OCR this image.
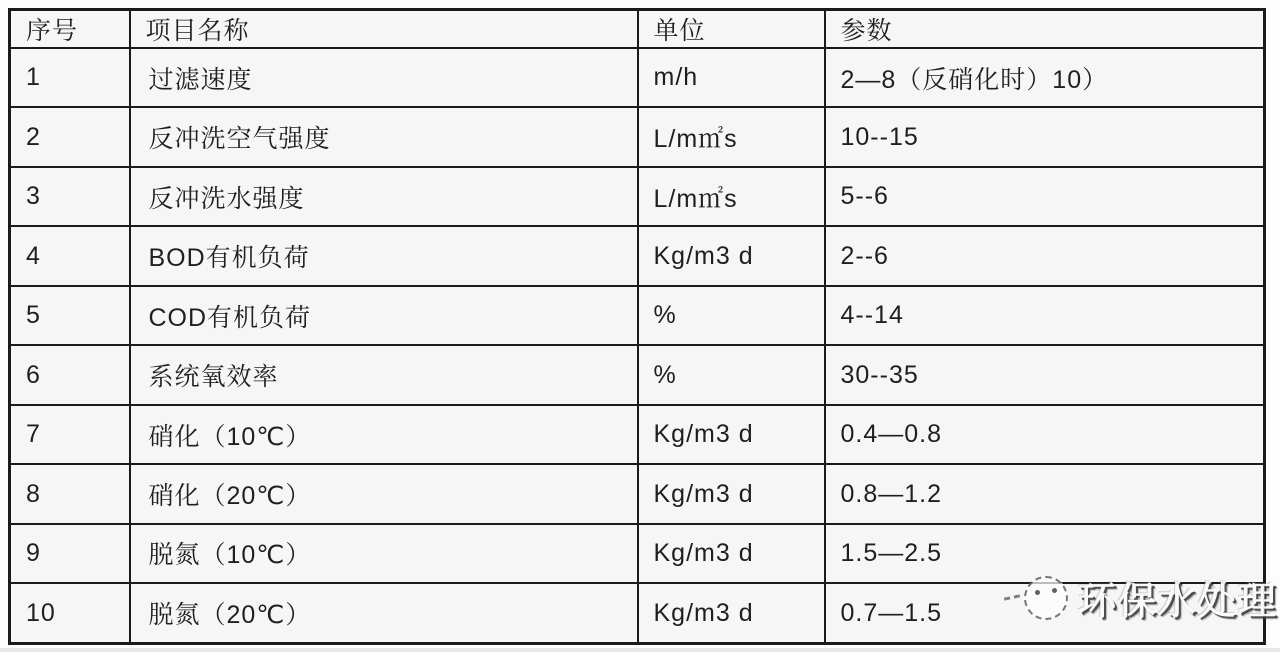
序号	项目名称	单位	参数
1	过滤速度	m/h	2—8（反硝化时）10）
2	反冲洗空气强度	L/m㎡s	10--15
3	反冲洗水强度	L/m㎡s	5--6
4	BOD有机负荷	Kg/m3 d	2--6
5	COD有机负荷	%	4--14
6	系统氧效率	%	30--35
7	硝化（10℃）	Kg/m3 d	0.4—0.8
8	硝化（20℃）	Kg/m3 d	0.8—1.2
9	脱氮（10℃）	Kg/m3 d	1.5—2.5
10	脱氮（20℃）	Kg/m3 d	0.7—1.5	环保水处理
